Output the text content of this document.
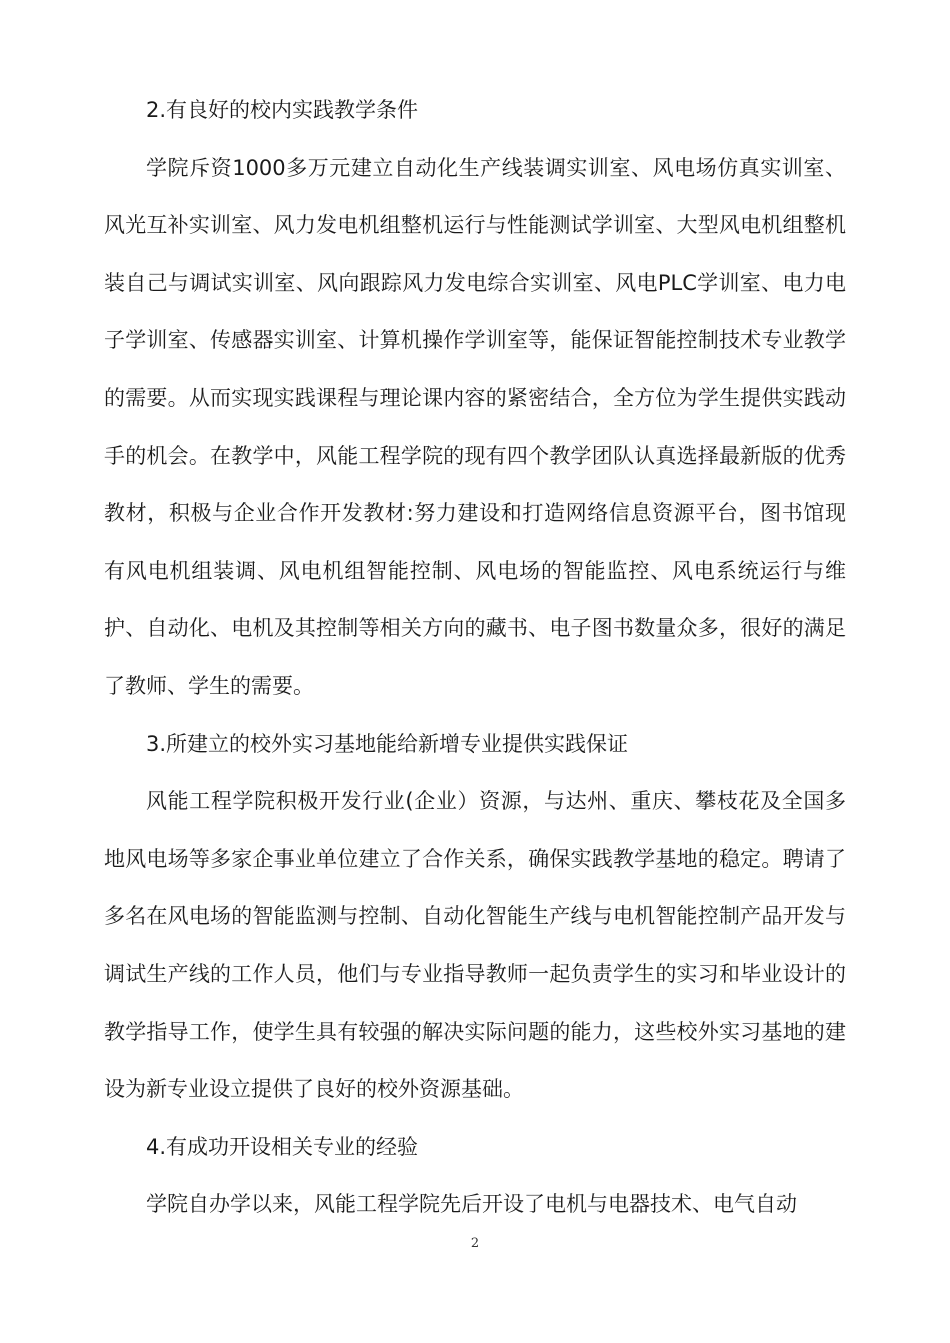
2.有良好的校内实践教学条件

学院斥资1000多万元建立自动化生产线装调实训室、风电场仿真实训室、风光互补实训室、风力发电机组整机运行与性能测试学训室、大型风电机组整机装自己与调试实训室、风向跟踪风力发电综合实训室、风电PLC学训室、电力电子学训室、传感器实训室、计算机操作学训室等，能保证智能控制技术专业教学的需要。从而实现实践课程与理论课内容的紧密结合，全方位为学生提供实践动手的机会。在教学中，风能工程学院的现有四个教学团队认真选择最新版的优秀教材，积极与企业合作开发教材:努力建设和打造网络信息资源平台，图书馆现有风电机组装调、风电机组智能控制、风电场的智能监控、风电系统运行与维护、自动化、电机及其控制等相关方向的藏书、电子图书数量众多，很好的满足了教师、学生的需要。

3.所建立的校外实习基地能给新增专业提供实践保证

风能工程学院积极开发行业(企业）资源，与达州、重庆、攀枝花及全国多地风电场等多家企事业单位建立了合作关系，确保实践教学基地的稳定。聘请了多名在风电场的智能监测与控制、自动化智能生产线与电机智能控制产品开发与调试生产线的工作人员，他们与专业指导教师一起负责学生的实习和毕业设计的教学指导工作，使学生具有较强的解决实际问题的能力，这些校外实习基地的建设为新专业设立提供了良好的校外资源基础。

4.有成功开设相关专业的经验

学院自办学以来，风能工程学院先后开设了电机与电器技术、电气自动

2
